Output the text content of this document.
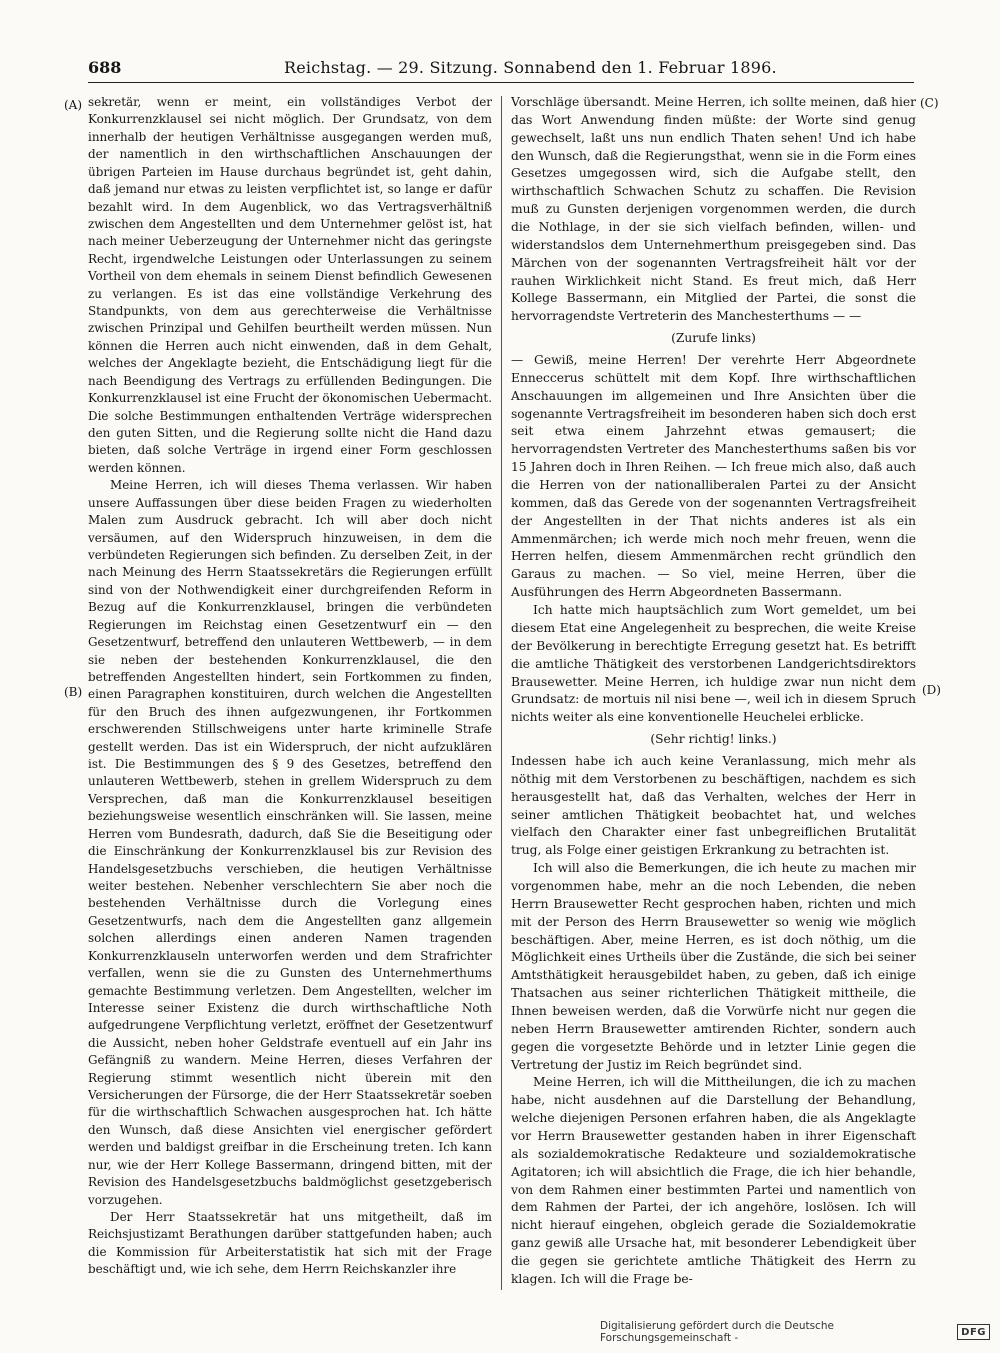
688	Reichstag. — 29. Sitzung. Sonnabend den 1. Februar 1896.
(A)
(B)
(C)
(D)

sekretär, wenn er meint, ein vollständiges Verbot der Konkurrenzklausel sei nicht möglich. Der Grundsatz, von dem innerhalb der heutigen Verhältnisse ausgegangen werden muß, der namentlich in den wirthschaftlichen Anschauungen der übrigen Parteien im Hause durchaus begründet ist, geht dahin, daß jemand nur etwas zu leisten verpflichtet ist, so lange er dafür bezahlt wird. In dem Augenblick, wo das Vertragsverhältniß zwischen dem Angestellten und dem Unternehmer gelöst ist, hat nach meiner Ueberzeugung der Unternehmer nicht das geringste Recht, irgendwelche Leistungen oder Unterlassungen zu seinem Vortheil von dem ehemals in seinem Dienst befindlich Gewesenen zu verlangen. Es ist das eine vollständige Verkehrung des Standpunkts, von dem aus gerechterweise die Verhältnisse zwischen Prinzipal und Gehilfen beurtheilt werden müssen. Nun können die Herren auch nicht einwenden, daß in dem Gehalt, welches der Angeklagte bezieht, die Entschädigung liegt für die nach Beendigung des Vertrags zu erfüllenden Bedingungen. Die Konkurrenzklausel ist eine Frucht der ökonomischen Uebermacht. Die solche Bestimmungen enthaltenden Verträge widersprechen den guten Sitten, und die Regierung sollte nicht die Hand dazu bieten, daß solche Verträge in irgend einer Form geschlossen werden können.

Meine Herren, ich will dieses Thema verlassen. Wir haben unsere Auffassungen über diese beiden Fragen zu wiederholten Malen zum Ausdruck gebracht. Ich will aber doch nicht versäumen, auf den Widerspruch hinzuweisen, in dem die verbündeten Regierungen sich befinden. Zu derselben Zeit, in der nach Meinung des Herrn Staatssekretärs die Regierungen erfüllt sind von der Nothwendigkeit einer durchgreifenden Reform in Bezug auf die Konkurrenzklausel, bringen die verbündeten Regierungen im Reichstag einen Gesetzentwurf ein — den Gesetzentwurf, betreffend den unlauteren Wettbewerb, — in dem sie neben der bestehenden Konkurrenzklausel, die den betreffenden Angestellten hindert, sein Fortkommen zu finden, einen Paragraphen konstituiren, durch welchen die Angestellten für den Bruch des ihnen aufgezwungenen, ihr Fortkommen erschwerenden Stillschweigens unter harte kriminelle Strafe gestellt werden. Das ist ein Widerspruch, der nicht aufzuklären ist. Die Bestimmungen des § 9 des Gesetzes, betreffend den unlauteren Wettbewerb, stehen in grellem Widerspruch zu dem Versprechen, daß man die Konkurrenzklausel beseitigen beziehungsweise wesentlich einschränken will. Sie lassen, meine Herren vom Bundesrath, dadurch, daß Sie die Beseitigung oder die Einschränkung der Konkurrenzklausel bis zur Revision des Handelsgesetzbuchs verschieben, die heutigen Verhältnisse weiter bestehen. Nebenher verschlechtern Sie aber noch die bestehenden Verhältnisse durch die Vorlegung eines Gesetzentwurfs, nach dem die Angestellten ganz allgemein solchen allerdings einen anderen Namen tragenden Konkurrenzklauseln unterworfen werden und dem Strafrichter verfallen, wenn sie die zu Gunsten des Unternehmerthums gemachte Bestimmung verletzen. Dem Angestellten, welcher im Interesse seiner Existenz die durch wirthschaftliche Noth aufgedrungene Verpflichtung verletzt, eröffnet der Gesetzentwurf die Aussicht, neben hoher Geldstrafe eventuell auf ein Jahr ins Gefängniß zu wandern. Meine Herren, dieses Verfahren der Regierung stimmt wesentlich nicht überein mit den Versicherungen der Fürsorge, die der Herr Staatssekretär soeben für die wirthschaftlich Schwachen ausgesprochen hat. Ich hätte den Wunsch, daß diese Ansichten viel energischer gefördert werden und baldigst greifbar in die Erscheinung treten. Ich kann nur, wie der Herr Kollege Bassermann, dringend bitten, mit der Revision des Handelsgesetzbuchs baldmöglichst gesetzgeberisch vorzugehen.

Der Herr Staatssekretär hat uns mitgetheilt, daß im Reichsjustizamt Berathungen darüber stattgefunden haben; auch die Kommission für Arbeiterstatistik hat sich mit der Frage beschäftigt und, wie ich sehe, dem Herrn Reichskanzler ihre

Vorschläge übersandt. Meine Herren, ich sollte meinen, daß hier das Wort Anwendung finden müßte: der Worte sind genug gewechselt, laßt uns nun endlich Thaten sehen! Und ich habe den Wunsch, daß die Regierungsthat, wenn sie in die Form eines Gesetzes umgegossen wird, sich die Aufgabe stellt, den wirthschaftlich Schwachen Schutz zu schaffen. Die Revision muß zu Gunsten derjenigen vorgenommen werden, die durch die Nothlage, in der sie sich vielfach befinden, willen- und widerstandslos dem Unternehmerthum preisgegeben sind. Das Märchen von der sogenannten Vertragsfreiheit hält vor der rauhen Wirklichkeit nicht Stand. Es freut mich, daß Herr Kollege Bassermann, ein Mitglied der Partei, die sonst die hervorragendste Vertreterin des Manchesterthums — —

(Zurufe links)

— Gewiß, meine Herren! Der verehrte Herr Abgeordnete Enneccerus schüttelt mit dem Kopf. Ihre wirthschaftlichen Anschauungen im allgemeinen und Ihre Ansichten über die sogenannte Vertragsfreiheit im besonderen haben sich doch erst seit etwa einem Jahrzehnt etwas gemausert; die hervorragendsten Vertreter des Manchesterthums saßen bis vor 15 Jahren doch in Ihren Reihen. — Ich freue mich also, daß auch die Herren von der nationalliberalen Partei zu der Ansicht kommen, daß das Gerede von der sogenannten Vertragsfreiheit der Angestellten in der That nichts anderes ist als ein Ammenmärchen; ich werde mich noch mehr freuen, wenn die Herren helfen, diesem Ammenmärchen recht gründlich den Garaus zu machen. — So viel, meine Herren, über die Ausführungen des Herrn Abgeordneten Bassermann.

Ich hatte mich hauptsächlich zum Wort gemeldet, um bei diesem Etat eine Angelegenheit zu besprechen, die weite Kreise der Bevölkerung in berechtigte Erregung gesetzt hat. Es betrifft die amtliche Thätigkeit des verstorbenen Landgerichtsdirektors Brausewetter. Meine Herren, ich huldige zwar nun nicht dem Grundsatz: de mortuis nil nisi bene —, weil ich in diesem Spruch nichts weiter als eine konventionelle Heuchelei erblicke.

(Sehr richtig! links.)

Indessen habe ich auch keine Veranlassung, mich mehr als nöthig mit dem Verstorbenen zu beschäftigen, nachdem es sich herausgestellt hat, daß das Verhalten, welches der Herr in seiner amtlichen Thätigkeit beobachtet hat, und welches vielfach den Charakter einer fast unbegreiflichen Brutalität trug, als Folge einer geistigen Erkrankung zu betrachten ist.

Ich will also die Bemerkungen, die ich heute zu machen mir vorgenommen habe, mehr an die noch Lebenden, die neben Herrn Brausewetter Recht gesprochen haben, richten und mich mit der Person des Herrn Brausewetter so wenig wie möglich beschäftigen. Aber, meine Herren, es ist doch nöthig, um die Möglichkeit eines Urtheils über die Zustände, die sich bei seiner Amtsthätigkeit herausgebildet haben, zu geben, daß ich einige Thatsachen aus seiner richterlichen Thätigkeit mittheile, die Ihnen beweisen werden, daß die Vorwürfe nicht nur gegen die neben Herrn Brausewetter amtirenden Richter, sondern auch gegen die vorgesetzte Behörde und in letzter Linie gegen die Vertretung der Justiz im Reich begründet sind.

Meine Herren, ich will die Mittheilungen, die ich zu machen habe, nicht ausdehnen auf die Darstellung der Behandlung, welche diejenigen Personen erfahren haben, die als Angeklagte vor Herrn Brausewetter gestanden haben in ihrer Eigenschaft als sozialdemokratische Redakteure und sozialdemokratische Agitatoren; ich will absichtlich die Frage, die ich hier behandle, von dem Rahmen einer bestimmten Partei und namentlich von dem Rahmen der Partei, der ich angehöre, loslösen. Ich will nicht hierauf eingehen, obgleich gerade die Sozialdemokratie ganz gewiß alle Ursache hat, mit besonderer Lebendigkeit über die gegen sie gerichtete amtliche Thätigkeit des Herrn zu klagen. Ich will die Frage be-

Digitalisierung gefördert durch die Deutsche Forschungsgemeinschaft -	DFG
